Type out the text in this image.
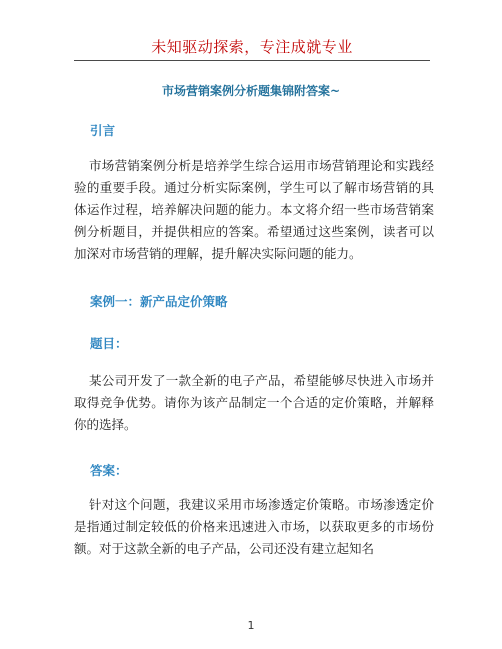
未知驱动探索，专注成就专业
市场营销案例分析题集锦附答案~
引言

市场营销案例分析是培养学生综合运用市场营销理论和实践经验的重要手段。通过分析实际案例，学生可以了解市场营销的具体运作过程，培养解决问题的能力。本文将介绍一些市场营销案例分析题目，并提供相应的答案。希望通过这些案例，读者可以加深对市场营销的理解，提升解决实际问题的能力。

案例一：新产品定价策略
题目：

某公司开发了一款全新的电子产品，希望能够尽快进入市场并取得竞争优势。请你为该产品制定一个合适的定价策略，并解释你的选择。

答案：

针对这个问题，我建议采用市场渗透定价策略。市场渗透定价是指通过制定较低的价格来迅速进入市场，以获取更多的市场份额。对于这款全新的电子产品，公司还没有建立起知名

1
